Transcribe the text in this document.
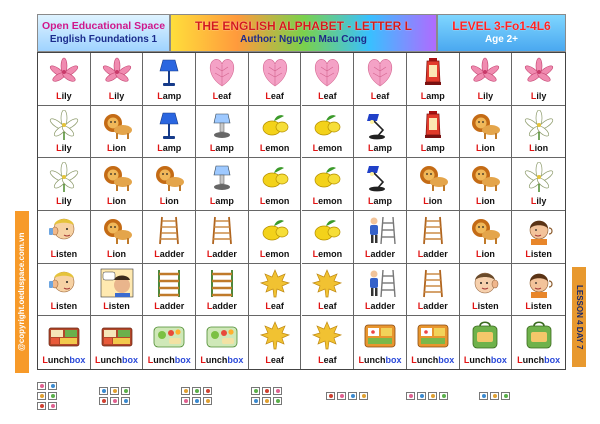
Open Educational Space
English Foundations 1
THE ENGLISH ALPHABET - LETTER L
Author: Nguyen Mau Cong
LEVEL 3-Fo1-4L6
Age 2+
@copyright.oeduspace.com.vn	LESSON 4 DAY 7
Lily	Lily	Lamp	Leaf	Leaf	Leaf	Leaf	Lamp	Lily	Lily
Lily	Lion	Lamp	Lamp	Lemon	Lemon	Lamp	Lamp	Lion	Lion
Lily	Lion	Lion	Lamp	Lemon	Lemon	Lamp	Lion	Lion	Lily
Listen	Lion	Ladder	Ladder	Lemon	Lemon	Ladder	Ladder	Lion	Listen
Listen	Listen	Ladder	Ladder	Leaf	Leaf	Ladder	Ladder	Listen	Listen
Lunchbox	Lunchbox	Lunchbox	Lunchbox	Leaf	Leaf	Lunchbox	Lunchbox	Lunchbox	Lunchbox
